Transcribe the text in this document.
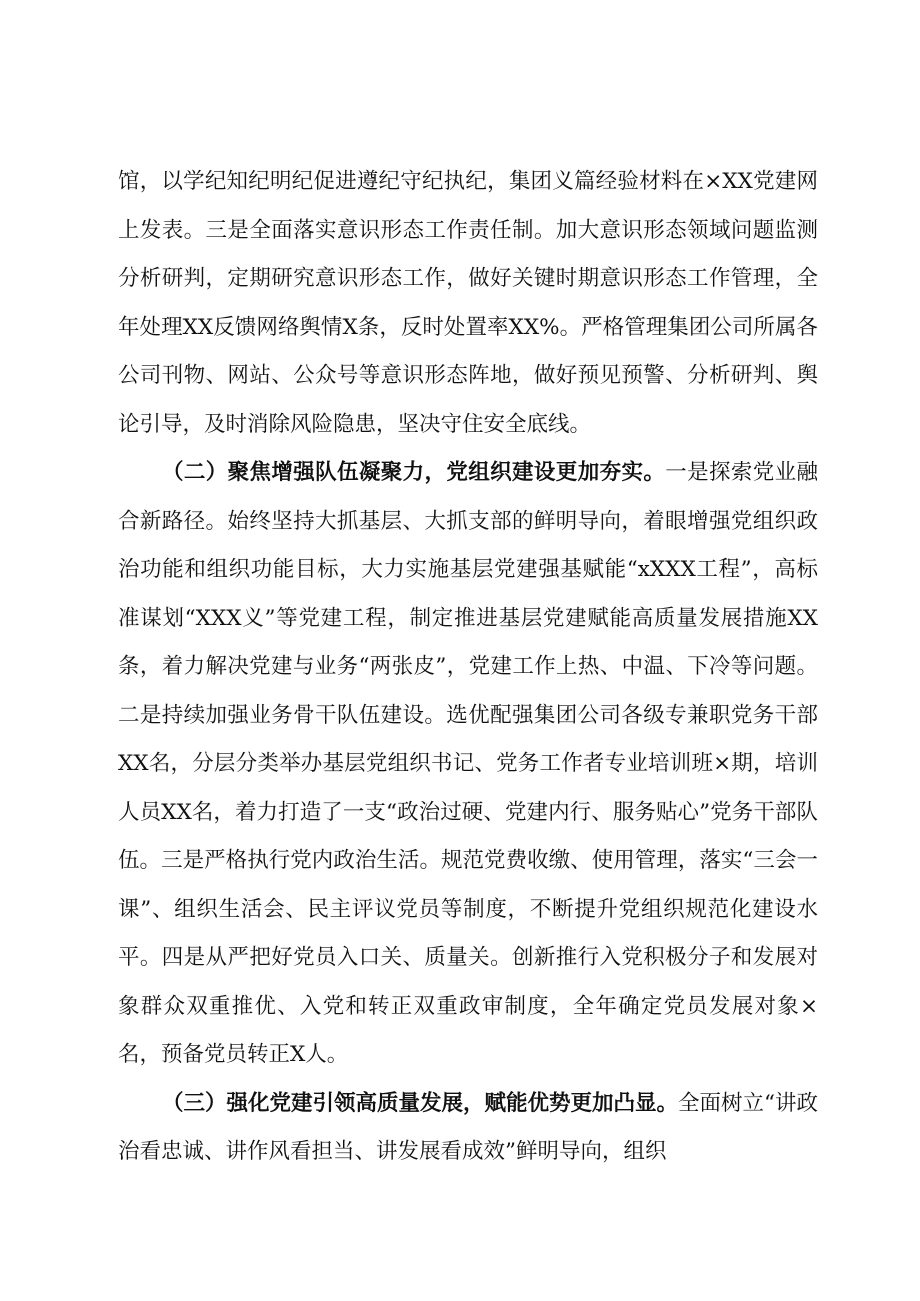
馆，以学纪知纪明纪促进遵纪守纪执纪，集团义篇经验材料在×XX党建网上发表。三是全面落实意识形态工作责任制。加大意识形态领域问题监测分析研判，定期研究意识形态工作，做好关键时期意识形态工作管理，全年处理XX反馈网络舆情X条，反时处置率XX%。严格管理集团公司所属各公司刊物、网站、公众号等意识形态阵地，做好预见预警、分析研判、舆论引导，及时消除风险隐患，坚决守住安全底线。

（二）聚焦增强队伍凝聚力，党组织建设更加夯实。一是探索党业融合新路径。始终坚持大抓基层、大抓支部的鲜明导向，着眼增强党组织政治功能和组织功能目标，大力实施基层党建强基赋能“xXXX工程”，高标准谋划“XXX义”等党建工程，制定推进基层党建赋能高质量发展措施XX条，着力解决党建与业务“两张皮”，党建工作上热、中温、下冷等问题。二是持续加强业务骨干队伍建设。选优配强集团公司各级专兼职党务干部XX名，分层分类举办基层党组织书记、党务工作者专业培训班×期，培训人员XX名，着力打造了一支“政治过硬、党建内行、服务贴心”党务干部队伍。三是严格执行党内政治生活。规范党费收缴、使用管理，落实“三会一课”、组织生活会、民主评议党员等制度，不断提升党组织规范化建设水平。四是从严把好党员入口关、质量关。创新推行入党积极分子和发展对象群众双重推优、入党和转正双重政审制度，全年确定党员发展对象×名，预备党员转正X人。

（三）强化党建引领高质量发展，赋能优势更加凸显。全面树立“讲政治看忠诚、讲作风看担当、讲发展看成效”鲜明导向，组织
